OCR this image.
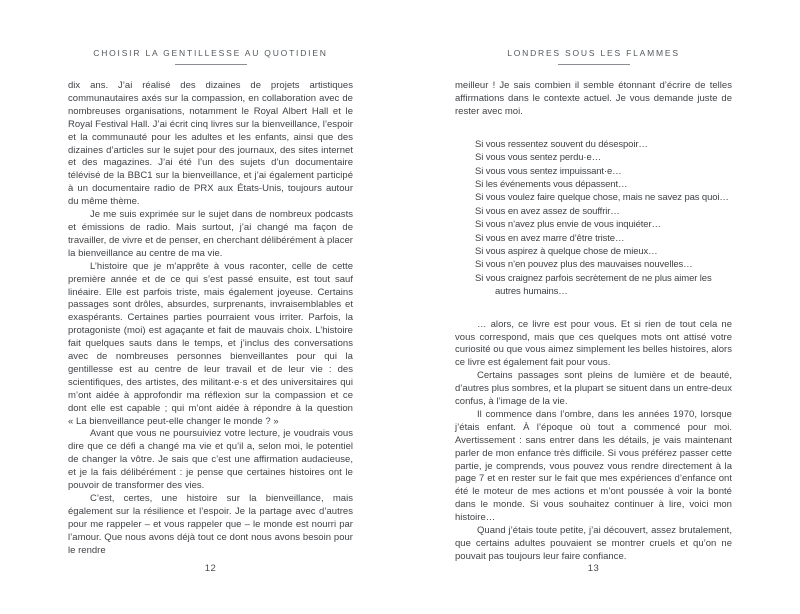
CHOISIR LA GENTILLESSE AU QUOTIDIEN

dix ans. J’ai réalisé des dizaines de projets artistiques communautaires axés sur la compassion, en collaboration avec de nombreuses organisations, notamment le Royal Albert Hall et le Royal Festival Hall. J’ai écrit cinq livres sur la bienveillance, l’espoir et la communauté pour les adultes et les enfants, ainsi que des dizaines d’articles sur le sujet pour des journaux, des sites internet et des magazines. J’ai été l’un des sujets d’un documentaire télévisé de la BBC1 sur la bienveillance, et j’ai également participé à un documentaire radio de PRX aux États-Unis, toujours autour du même thème.

Je me suis exprimée sur le sujet dans de nombreux podcasts et émissions de radio. Mais surtout, j’ai changé ma façon de travailler, de vivre et de penser, en cherchant délibérément à placer la bienveillance au centre de ma vie.

L’histoire que je m’apprête à vous raconter, celle de cette première année et de ce qui s’est passé ensuite, est tout sauf linéaire. Elle est parfois triste, mais également joyeuse. Certains passages sont drôles, absurdes, surprenants, invraisemblables et exaspérants. Certaines parties pourraient vous irriter. Parfois, la protagoniste (moi) est agaçante et fait de mauvais choix. L’histoire fait quelques sauts dans le temps, et j’inclus des conversations avec de nombreuses personnes bienveillantes pour qui la gentillesse est au centre de leur travail et de leur vie : des scientifiques, des artistes, des militant·e·s et des universitaires qui m’ont aidée à approfondir ma réflexion sur la compassion et ce dont elle est capable ; qui m’ont aidée à répondre à la question « La bienveillance peut-elle changer le monde ? »

Avant que vous ne poursuiviez votre lecture, je voudrais vous dire que ce défi a changé ma vie et qu’il a, selon moi, le potentiel de changer la vôtre. Je sais que c’est une affirmation audacieuse, et je la fais délibérément : je pense que certaines histoires ont le pouvoir de transformer des vies.

C’est, certes, une histoire sur la bienveillance, mais également sur la résilience et l’espoir. Je la partage avec d’autres pour me rappeler – et vous rappeler que – le monde est nourri par l’amour. Que nous avons déjà tout ce dont nous avons besoin pour le rendre

12
LONDRES SOUS LES FLAMMES

meilleur ! Je sais combien il semble étonnant d’écrire de telles affirmations dans le contexte actuel. Je vous demande juste de rester avec moi.

Si vous ressentez souvent du désespoir…
Si vous vous sentez perdu·e…
Si vous vous sentez impuissant·e…
Si les événements vous dépassent…
Si vous voulez faire quelque chose, mais ne savez pas quoi…
Si vous en avez assez de souffrir…
Si vous n’avez plus envie de vous inquiéter…
Si vous en avez marre d’être triste…
Si vous aspirez à quelque chose de mieux…
Si vous n’en pouvez plus des mauvaises nouvelles…
Si vous craignez parfois secrètement de ne plus aimer les autres humains…

… alors, ce livre est pour vous. Et si rien de tout cela ne vous correspond, mais que ces quelques mots ont attisé votre curiosité ou que vous aimez simplement les belles histoires, alors ce livre est également fait pour vous.

Certains passages sont pleins de lumière et de beauté, d’autres plus sombres, et la plupart se situent dans un entre-deux confus, à l’image de la vie.

Il commence dans l’ombre, dans les années 1970, lorsque j’étais enfant. À l’époque où tout a commencé pour moi. Avertissement : sans entrer dans les détails, je vais maintenant parler de mon enfance très difficile. Si vous préférez passer cette partie, je comprends, vous pouvez vous rendre directement à la page 7 et en rester sur le fait que mes expériences d’enfance ont été le moteur de mes actions et m’ont poussée à voir la bonté dans le monde. Si vous souhaitez continuer à lire, voici mon histoire…

Quand j’étais toute petite, j’ai découvert, assez brutalement, que certains adultes pouvaient se montrer cruels et qu’on ne pouvait pas toujours leur faire confiance.

13
